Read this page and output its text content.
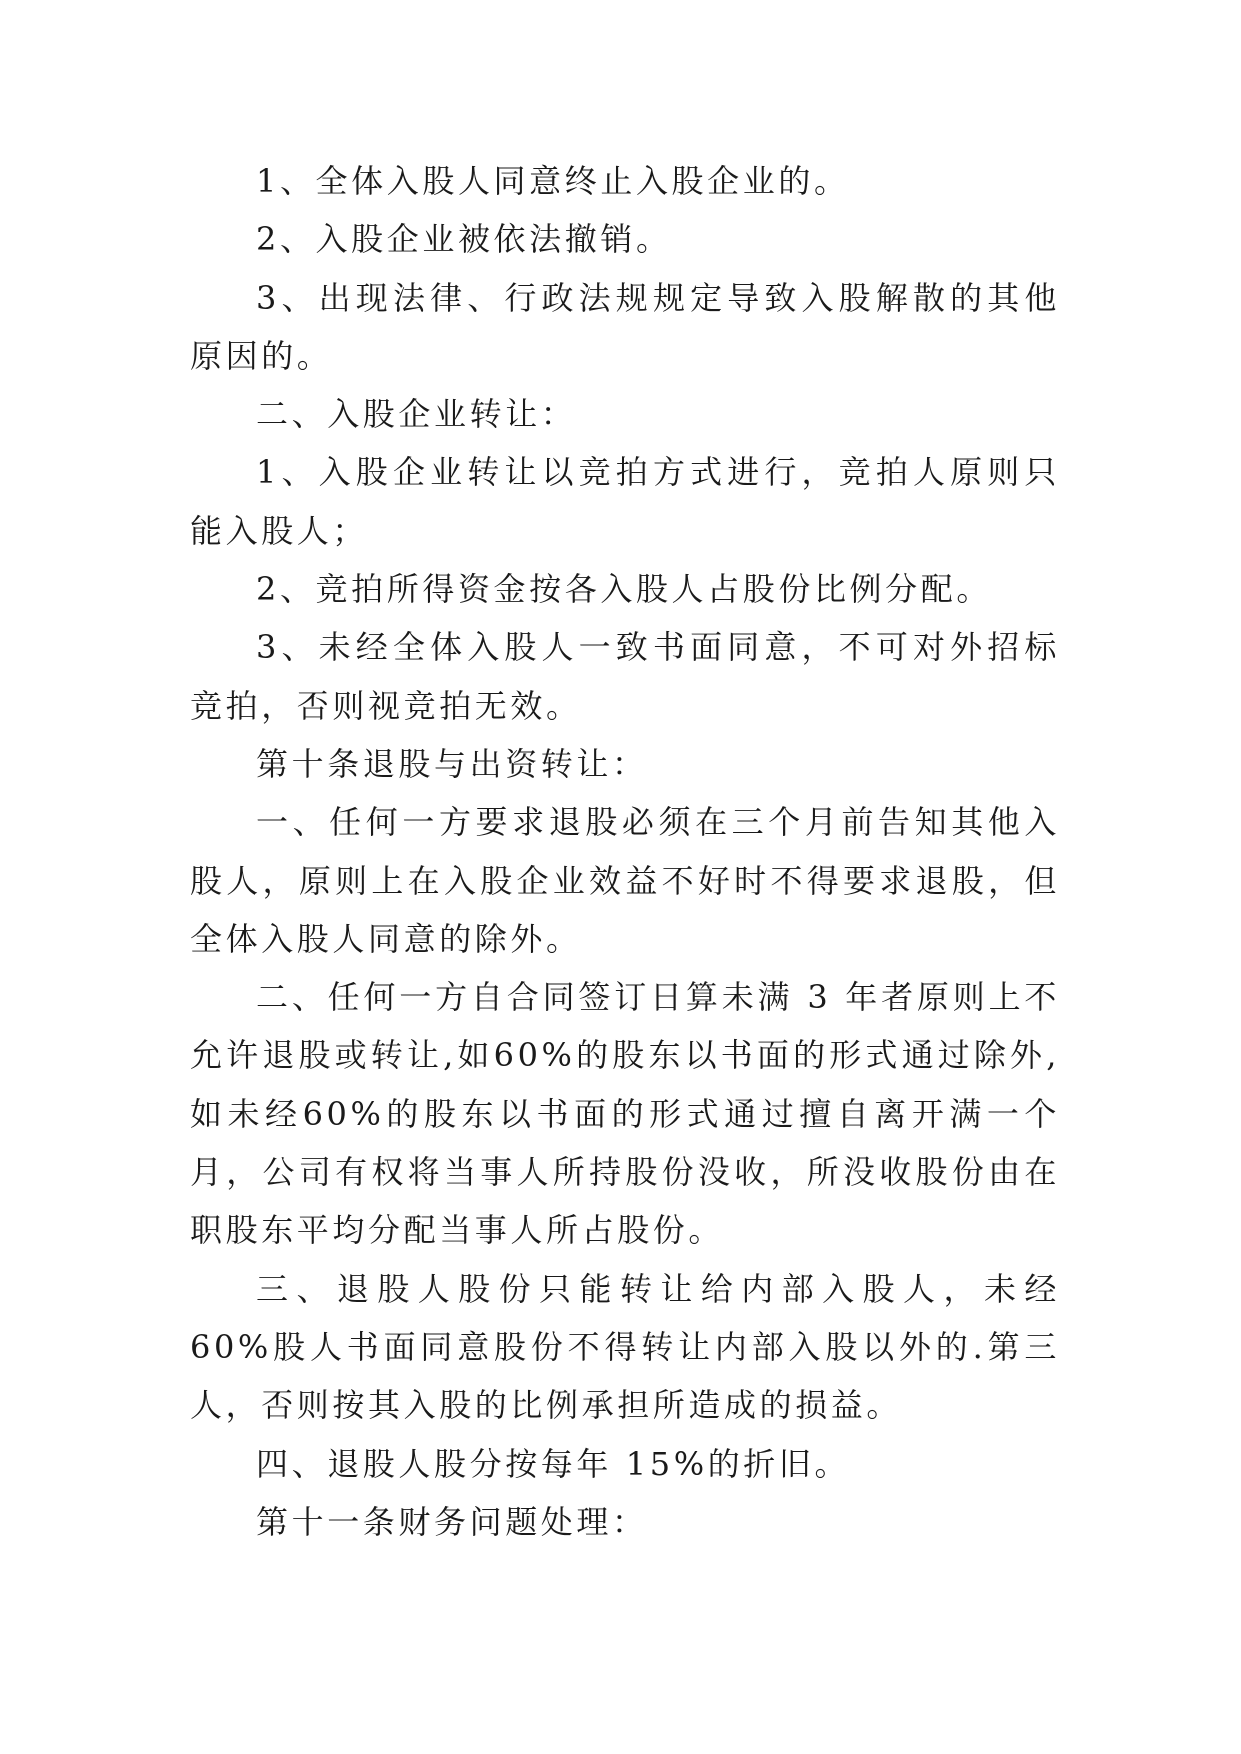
1、全体入股人同意终止入股企业的。

2、入股企业被依法撤销。

3、出现法律、行政法规规定导致入股解散的其他原因的。

二、入股企业转让：

1、入股企业转让以竞拍方式进行，竞拍人原则只能入股人；

2、竞拍所得资金按各入股人占股份比例分配。

3、未经全体入股人一致书面同意，不可对外招标竞拍，否则视竞拍无效。

第十条退股与出资转让：

一、任何一方要求退股必须在三个月前告知其他入股人，原则上在入股企业效益不好时不得要求退股，但全体入股人同意的除外。

二、任何一方自合同签订日算未满 3 年者原则上不允许退股或转让,如60%的股东以书面的形式通过除外,如未经60%的股东以书面的形式通过擅自离开满一个月，公司有权将当事人所持股份没收，所没收股份由在职股东平均分配当事人所占股份。

三、退股人股份只能转让给内部入股人，未经 60%股人书面同意股份不得转让内部入股以外的.第三人，否则按其入股的比例承担所造成的损益。

四、退股人股分按每年 15%的折旧。

第十一条财务问题处理：
